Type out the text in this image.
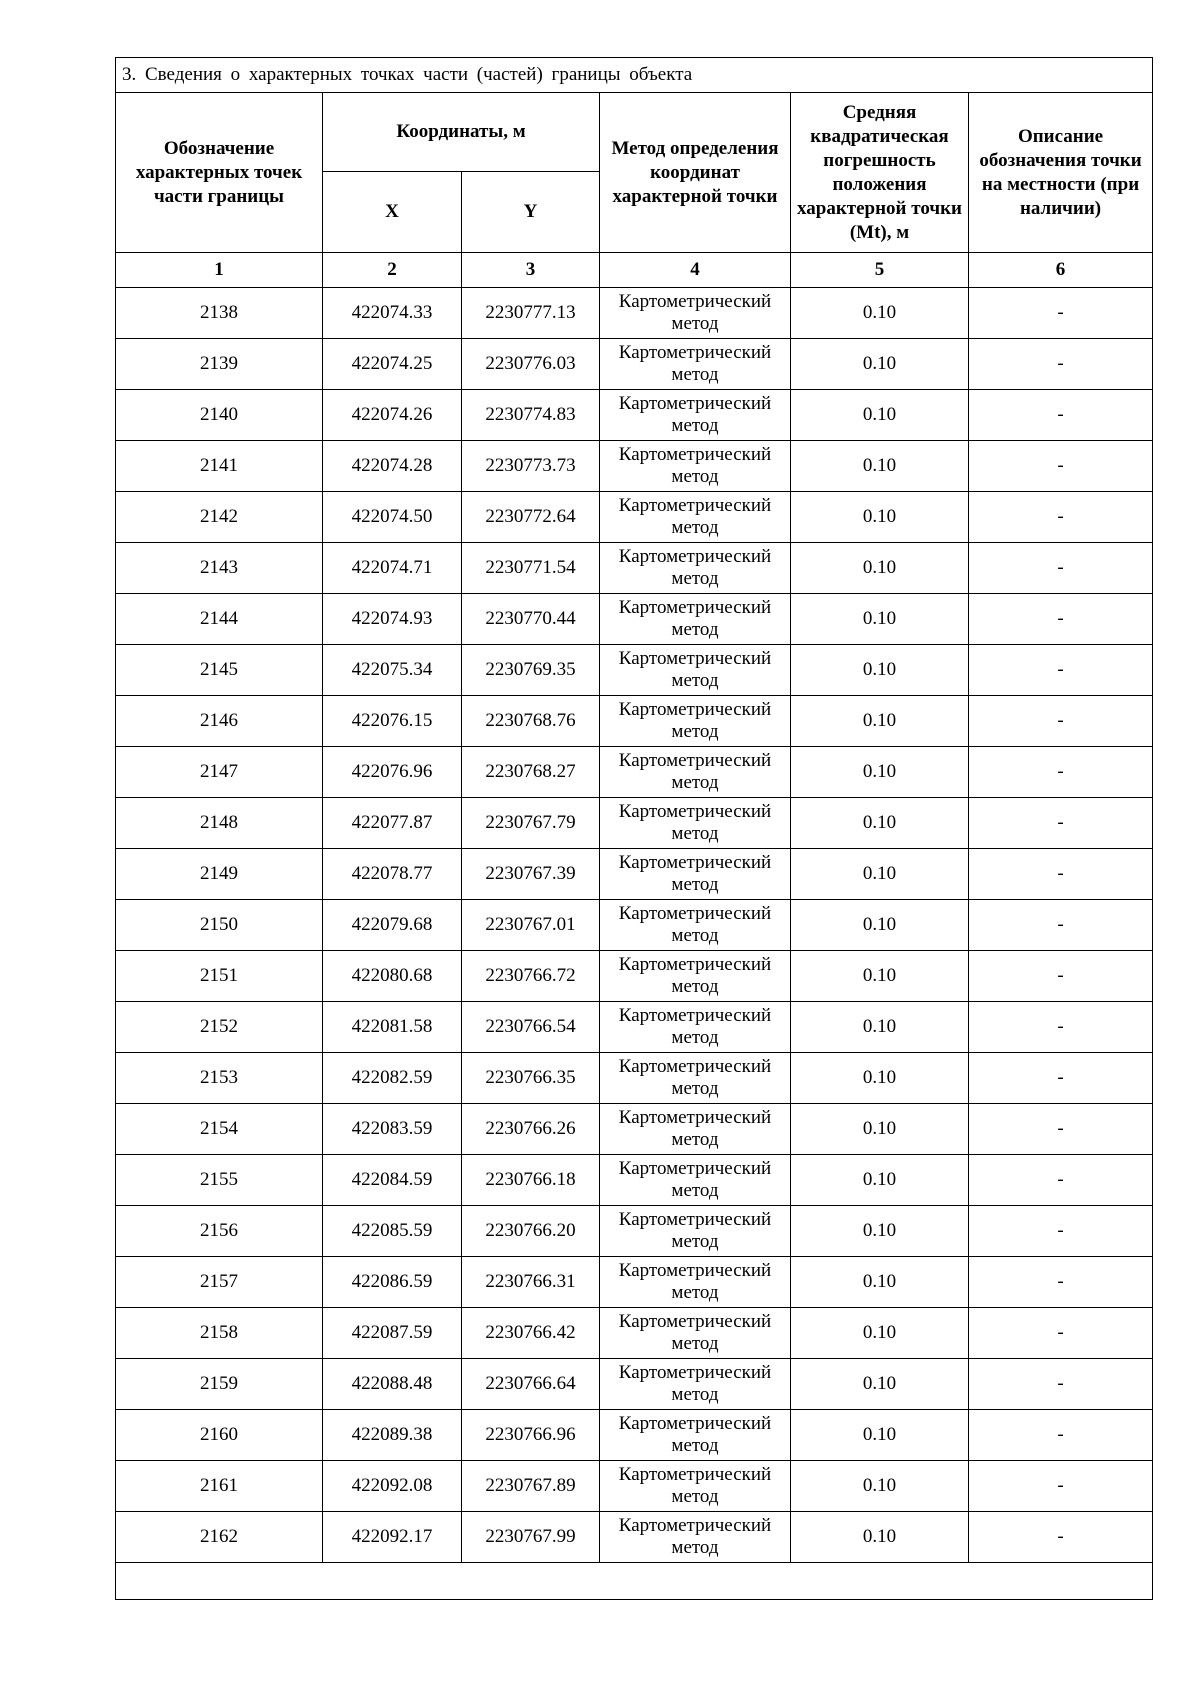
3. Сведения о характерных точках части (частей) границы объекта					
Обозначение характерных точек части границы	Координаты, м		Метод определения координат характерной точки	Средняя квадратическая погрешность положения характерной точки (Mt), м	Описание обозначения точки на местности (при наличии)
	X	Y			
1	2	3	4	5	6
2138	422074.33	2230777.13	Картометрический метод	0.10	-
2139	422074.25	2230776.03	Картометрический метод	0.10	-
2140	422074.26	2230774.83	Картометрический метод	0.10	-
2141	422074.28	2230773.73	Картометрический метод	0.10	-
2142	422074.50	2230772.64	Картометрический метод	0.10	-
2143	422074.71	2230771.54	Картометрический метод	0.10	-
2144	422074.93	2230770.44	Картометрический метод	0.10	-
2145	422075.34	2230769.35	Картометрический метод	0.10	-
2146	422076.15	2230768.76	Картометрический метод	0.10	-
2147	422076.96	2230768.27	Картометрический метод	0.10	-
2148	422077.87	2230767.79	Картометрический метод	0.10	-
2149	422078.77	2230767.39	Картометрический метод	0.10	-
2150	422079.68	2230767.01	Картометрический метод	0.10	-
2151	422080.68	2230766.72	Картометрический метод	0.10	-
2152	422081.58	2230766.54	Картометрический метод	0.10	-
2153	422082.59	2230766.35	Картометрический метод	0.10	-
2154	422083.59	2230766.26	Картометрический метод	0.10	-
2155	422084.59	2230766.18	Картометрический метод	0.10	-
2156	422085.59	2230766.20	Картометрический метод	0.10	-
2157	422086.59	2230766.31	Картометрический метод	0.10	-
2158	422087.59	2230766.42	Картометрический метод	0.10	-
2159	422088.48	2230766.64	Картометрический метод	0.10	-
2160	422089.38	2230766.96	Картометрический метод	0.10	-
2161	422092.08	2230767.89	Картометрический метод	0.10	-
2162	422092.17	2230767.99	Картометрический метод	0.10	-
